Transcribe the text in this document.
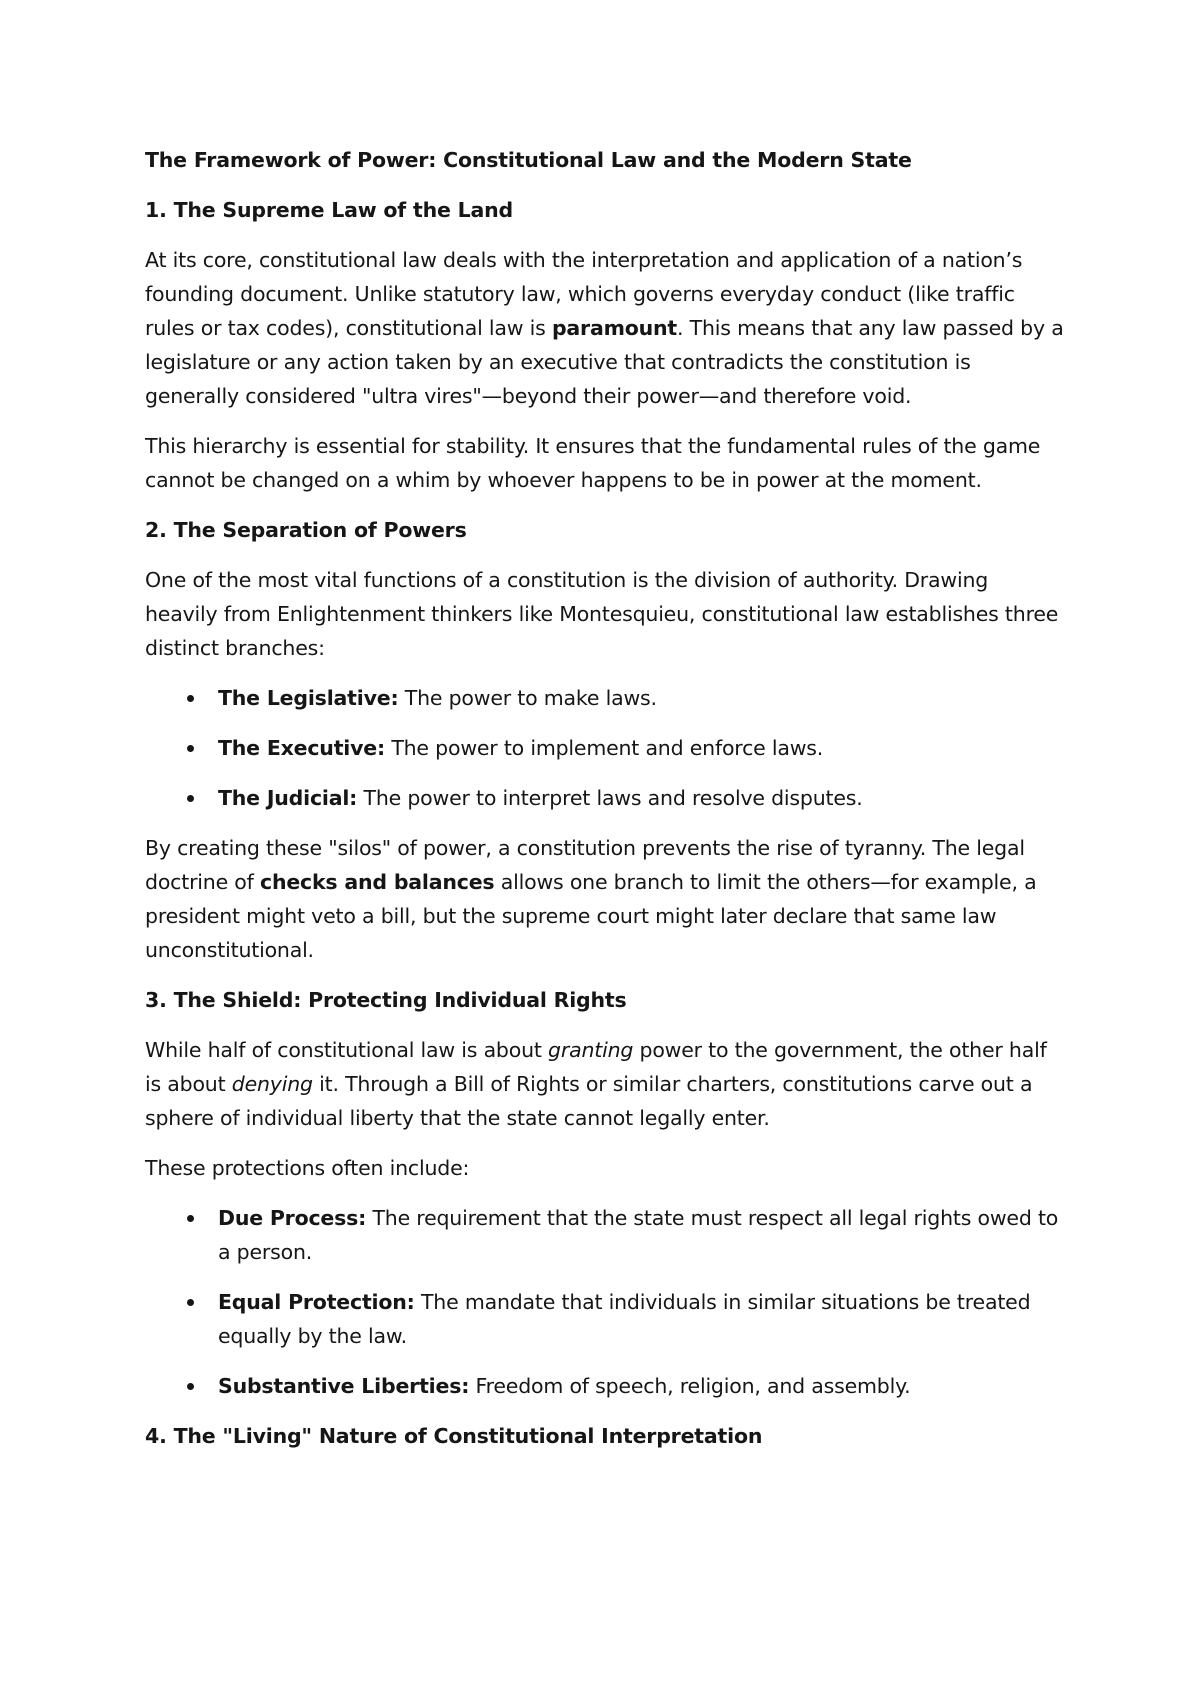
The Framework of Power: Constitutional Law and the Modern State
1. The Supreme Law of the Land

At its core, constitutional law deals with the interpretation and application of a nation’s founding document. Unlike statutory law, which governs everyday conduct (like traffic rules or tax codes), constitutional law is paramount. This means that any law passed by a legislature or any action taken by an executive that contradicts the constitution is generally considered "ultra vires"—beyond their power—and therefore void.

This hierarchy is essential for stability. It ensures that the fundamental rules of the game cannot be changed on a whim by whoever happens to be in power at the moment.

2. The Separation of Powers

One of the most vital functions of a constitution is the division of authority. Drawing heavily from Enlightenment thinkers like Montesquieu, constitutional law establishes three distinct branches:

The Legislative: The power to make laws.
The Executive: The power to implement and enforce laws.
The Judicial: The power to interpret laws and resolve disputes.

By creating these "silos" of power, a constitution prevents the rise of tyranny. The legal doctrine of checks and balances allows one branch to limit the others—for example, a president might veto a bill, but the supreme court might later declare that same law unconstitutional.

3. The Shield: Protecting Individual Rights

While half of constitutional law is about granting power to the government, the other half is about denying it. Through a Bill of Rights or similar charters, constitutions carve out a sphere of individual liberty that the state cannot legally enter.

These protections often include:

Due Process: The requirement that the state must respect all legal rights owed to a person.
Equal Protection: The mandate that individuals in similar situations be treated equally by the law.
Substantive Liberties: Freedom of speech, religion, and assembly.
4. The "Living" Nature of Constitutional Interpretation
